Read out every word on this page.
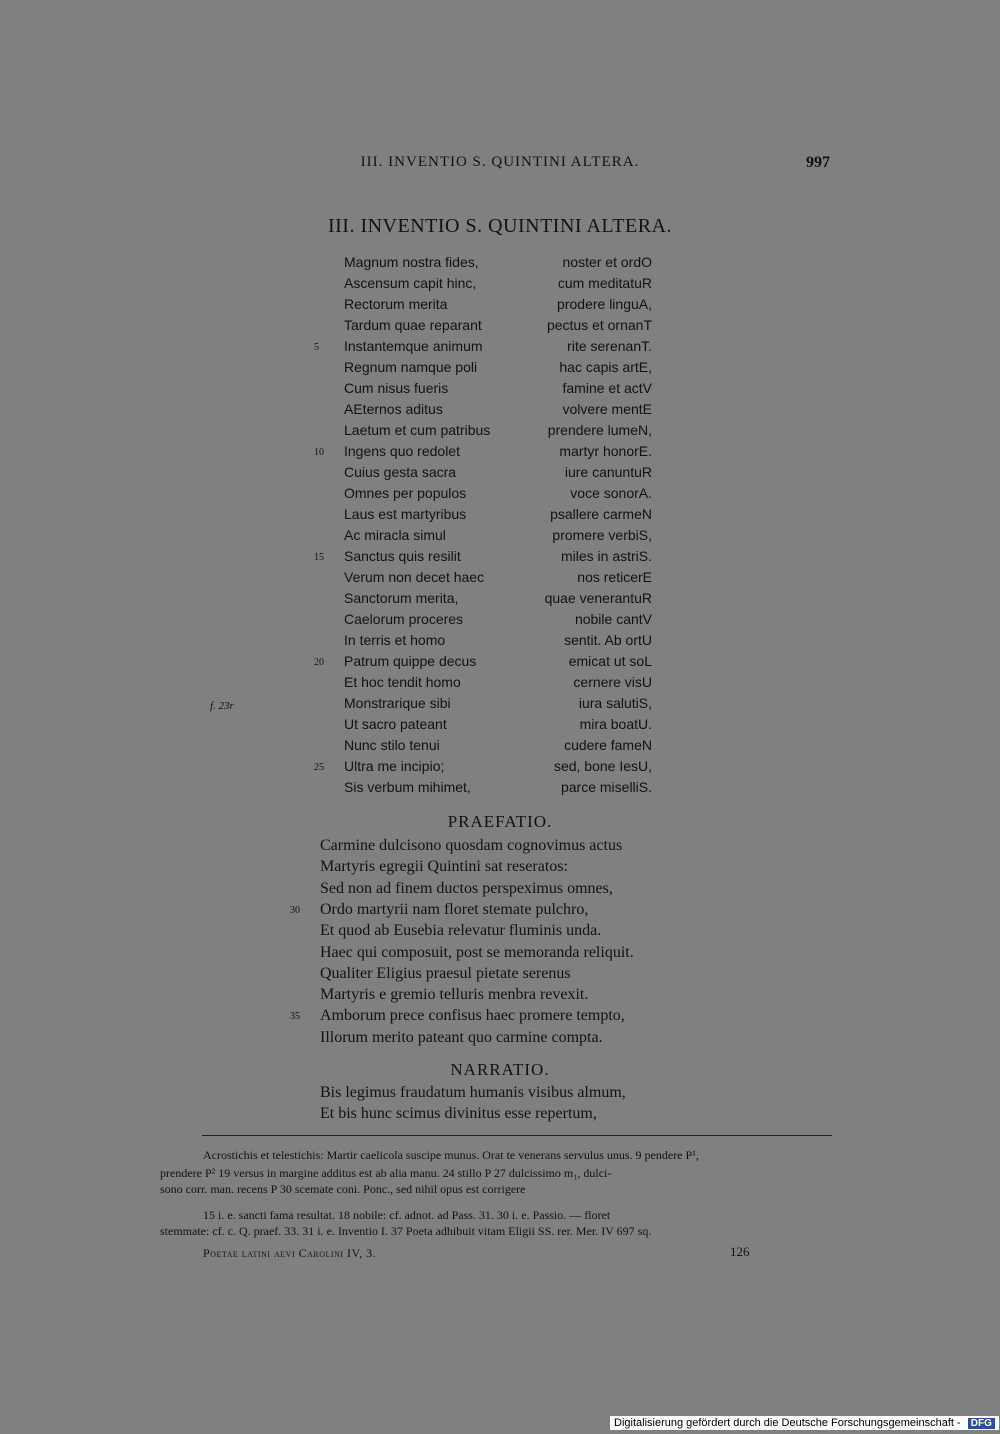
III. INVENTIO S. QUINTINI ALTERA.	997
III. INVENTIO S. QUINTINI ALTERA.
Magnum nostra fides,	noster et ordO
Ascensum capit hinc,	cum meditatuR
Rectorum merita	prodere linguA,
Tardum quae reparant	pectus et ornanT
5 Instantemque animum	rite serenanT.
Regnum namque poli	hac capis artE,
Cum nisus fueris	famine et actV
AEternos aditus	volvere mentE
Laetum et cum patribus	prendere lumeN,
10 Ingens quo redolet	martyr honorE.
Cuius gesta sacra	iure canuntuR
Omnes per populos	voce sonorA.
Laus est martyribus	psallere carmeN
Ac miracla simul	promere verbiS,
15 Sanctus quis resilit	miles in astriS.
Verum non decet haec	nos reticerE
Sanctorum merita,	quae venerantuR
Caelorum proceres	nobile cantV
In terris et homo	sentit. Ab ortU
20 Patrum quippe decus	emicat ut soL
Et hoc tendit homo	cernere visU
Monstrarique sibi	iura salutiS,
Ut sacro pateant	mira boatU.
Nunc stilo tenui	cudere fameN
25 Ultra me incipio;	sed, bone IesU,
Sis verbum mihimet,	parce miselliS.
f. 23r
PRAEFATIO.
Carmine dulcisono quosdam cognovimus actus
Martyris egregii Quintini sat reseratos:
Sed non ad finem ductos perspeximus omnes,
30 Ordo martyrii nam floret stemate pulchro,
Et quod ab Eusebia relevatur fluminis unda.
Haec qui composuit, post se memoranda reliquit.
Qualiter Eligius praesul pietate serenus
Martyris e gremio telluris menbra revexit.
35 Amborum prece confisus haec promere tempto,
Illorum merito pateant quo carmine compta.
NARRATIO.
Bis legimus fraudatum humanis visibus almum,
Et bis hunc scimus divinitus esse repertum,
Acrostichis et telestichis: Martir caelicola suscipe munus. Orat te venerans servulus unus. 9 pendere P¹,
prendere P² 19 versus in margine additus est ab alia manu. 24 stillo P 27 dulcissimo m₁, dulci-
sono corr. man. recens P 30 scemate coni. Ponc., sed nihil opus est corrigere
15 i. e. sancti fama resultat. 18 nobile: cf. adnot. ad Pass. 31. 30 i. e. Passio. — floret
stemmate: cf. c. Q. praef. 33. 31 i. e. Inventio I. 37 Poeta adhibuit vitam Eligii SS. rer. Mer. IV 697 sq.
Poetae latini aevi Carolini IV, 3.	126
Digitalisierung gefördert durch die Deutsche Forschungsgemeinschaft - DFG
